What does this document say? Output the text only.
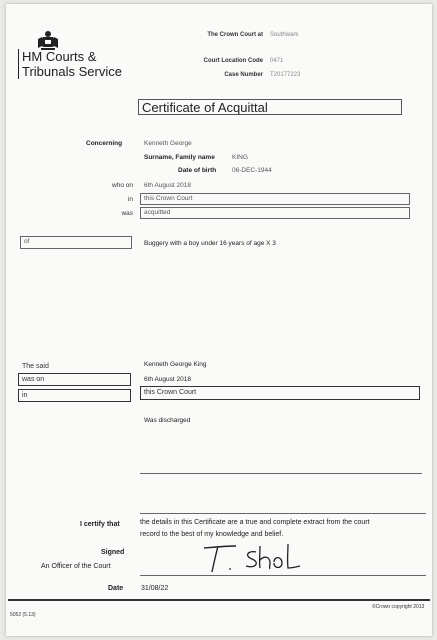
HM Courts &
Tribunals Service
The Crown Court at Southwark
Court Location Code 0471
Case Number T20177223
Certificate of Acquittal
Concerning	Kenneth George
Surname, Family name	KING
Date of birth 06-DEC-1944
who on 6th August 2018
in	this Crown Court
was	acquitted
of	Buggery with a boy under 16 years of age X 3
The said	Kenneth George King
was on	6th August 2018
in	this Crown Court
Was discharged
I certify that	the details in this Certificate are a true and complete extract from the court
record to the best of my knowledge and belief.
Signed
An Officer of the Court
Date	31/08/22
5052 (5.13)
©Crown copyright 2013
